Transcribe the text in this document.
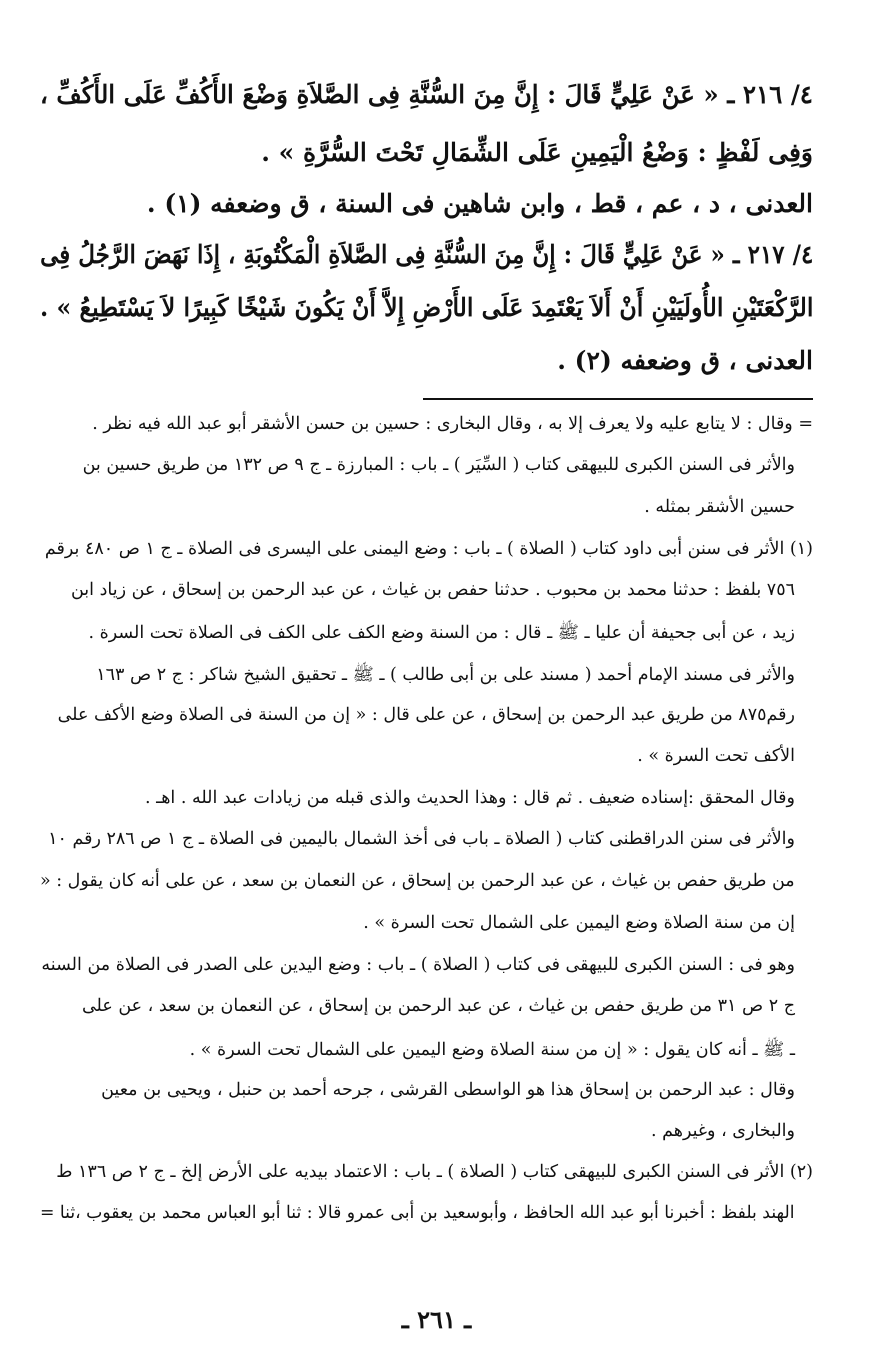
٤/ ٢١٦ ـ « عَنْ عَلِيٍّ قَالَ : إِنَّ مِنَ السُّنَّةِ فِى الصَّلاَةِ وَضْعَ الأَكُفِّ عَلَى الأَكُفِّ ،
وَفِى لَفْظٍ : وَضْعُ الْيَمِينِ عَلَى الشِّمَالِ تَحْتَ السُّرَّةِ » .
العدنى ، د ، عم ، قط ، وابن شاهين فى السنة ، ق وضعفه (١) .
٤/ ٢١٧ ـ « عَنْ عَلِيٍّ قَالَ : إِنَّ مِنَ السُّنَّةِ فِى الصَّلاَةِ الْمَكْتُوبَةِ ، إِذَا نَهَضَ الرَّجُلُ فِى
الرَّكْعَتَيْنِ الأُولَيَيْنِ أَنْ أَلاَ يَعْتَمِدَ عَلَى الأَرْضِ إِلاَّ أَنْ يَكُونَ شَيْخًا كَبِيرًا لاَ يَسْتَطِيعُ » .
العدنى ، ق وضعفه (٢) .
= وقال : لا يتابع عليه ولا يعرف إلا به ، وقال البخارى : حسين بن حسن الأشقر أبو عبد الله فيه نظر .
والأثر فى السنن الكبرى للبيهقى كتاب ( السِّيَر ) ـ باب : المبارزة ـ ج ٩ ص ١٣٢ من طريق حسين بن
حسين الأشقر بمثله .
(١) الأثر فى سنن أبى داود كتاب ( الصلاة ) ـ باب : وضع اليمنى على اليسرى فى الصلاة ـ ج ١ ص ٤٨٠ برقم
٧٥٦ بلفظ : حدثنا محمد بن محبوب . حدثنا حفص بن غياث ، عن عبد الرحمن بن إسحاق ، عن زياد ابن
زيد ، عن أبى جحيفة أن عليا ـ ﷺ ـ قال : من السنة وضع الكف على الكف فى الصلاة تحت السرة .
والأثر فى مسند الإمام أحمد ( مسند على بن أبى طالب ) ـ ﷺ ـ تحقيق الشيخ شاكر : ج ٢ ص ١٦٣
رقم٨٧٥ من طريق عبد الرحمن بن إسحاق ، عن على قال : « إن من السنة فى الصلاة وضع الأكف على
الأكف تحت السرة » .
وقال المحقق :إسناده ضعيف . ثم قال : وهذا الحديث والذى قبله من زيادات عبد الله . اهـ .
والأثر فى سنن الدراقطنى كتاب ( الصلاة ـ باب فى أخذ الشمال باليمين فى الصلاة ـ ج ١ ص ٢٨٦ رقم ١٠
من طريق حفص بن غياث ، عن عبد الرحمن بن إسحاق ، عن النعمان بن سعد ، عن على أنه كان يقول : «
إن من سنة الصلاة وضع اليمين على الشمال تحت السرة » .
وهو فى : السنن الكبرى للبيهقى فى كتاب ( الصلاة ) ـ باب : وضع اليدين على الصدر فى الصلاة من السنه
ج ٢ ص ٣١ من طريق حفص بن غياث ، عن عبد الرحمن بن إسحاق ، عن النعمان بن سعد ، عن على
ـ ﷺ ـ أنه كان يقول : « إن من سنة الصلاة وضع اليمين على الشمال تحت السرة » .
وقال : عبد الرحمن بن إسحاق هذا هو الواسطى القرشى ، جرحه أحمد بن حنبل ، ويحيى بن معين
والبخارى ، وغيرهم .
(٢) الأثر فى السنن الكبرى للبيهقى كتاب ( الصلاة ) ـ باب : الاعتماد بيديه على الأرض إلخ ـ ج ٢ ص ١٣٦ ط
الهند بلفظ : أخبرنا أبو عبد الله الحافظ ، وأبوسعيد بن أبى عمرو قالا : ثنا أبو العباس محمد بن يعقوب ،ثنا =
ـ ٢٦١ ـ
